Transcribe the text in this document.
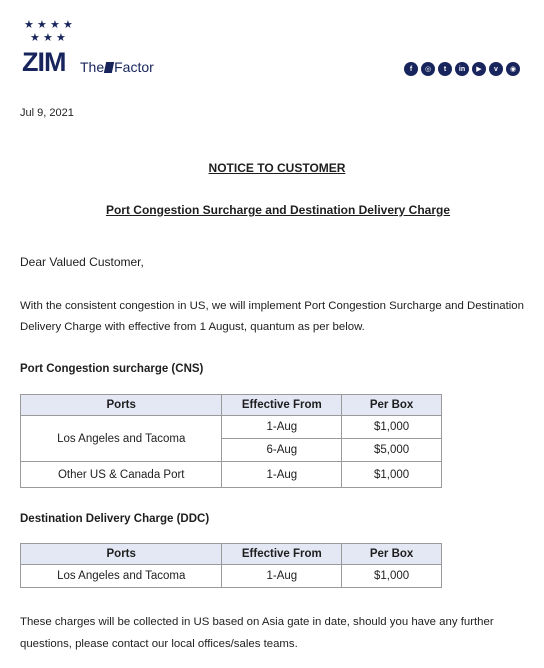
★ ★ ★ ★
★ ★ ★
ZIM The Factor	f	◎	t	in	▶	v	◉
Jul 9, 2021
NOTICE TO CUSTOMER
Port Congestion Surcharge and Destination Delivery Charge
Dear Valued Customer,
With the consistent congestion in US, we will implement Port Congestion Surcharge and Destination Delivery Charge with effective from 1 August, quantum as per below.
Port Congestion surcharge (CNS)
Ports	Effective From	Per Box
Los Angeles and Tacoma	1-Aug	$1,000
	6-Aug	$5,000
Other US & Canada Port	1-Aug	$1,000
Destination Delivery Charge (DDC)
Ports	Effective From	Per Box
Los Angeles and Tacoma	1-Aug	$1,000
These charges will be collected in US based on Asia gate in date, should you have any further questions, please contact our local offices/sales teams.
